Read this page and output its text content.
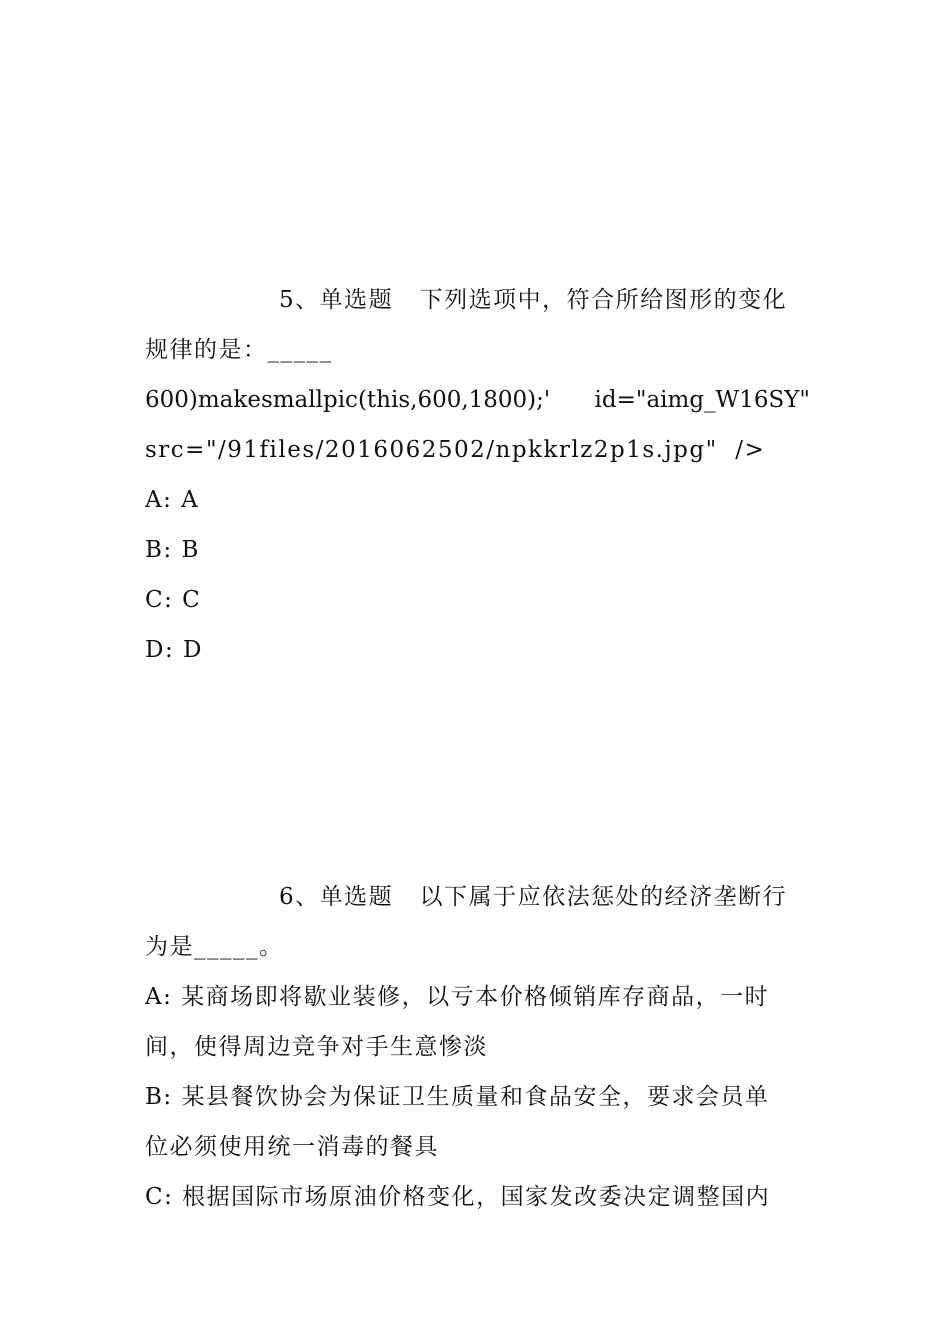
5、单选题   下列选项中，符合所给图形的变化
规律的是：_____
600)makesmallpic(this,600,1800);' id="aimg_W16SY"
src="/91files/2016062502/npkkrlz2p1s.jpg"  />
A: A
B: B
C: C
D: D
6、单选题   以下属于应依法惩处的经济垄断行
为是_____。
A: 某商场即将歇业装修，以亏本价格倾销库存商品，一时
间，使得周边竞争对手生意惨淡
B: 某县餐饮协会为保证卫生质量和食品安全，要求会员单
位必须使用统一消毒的餐具
C: 根据国际市场原油价格变化，国家发改委决定调整国内
